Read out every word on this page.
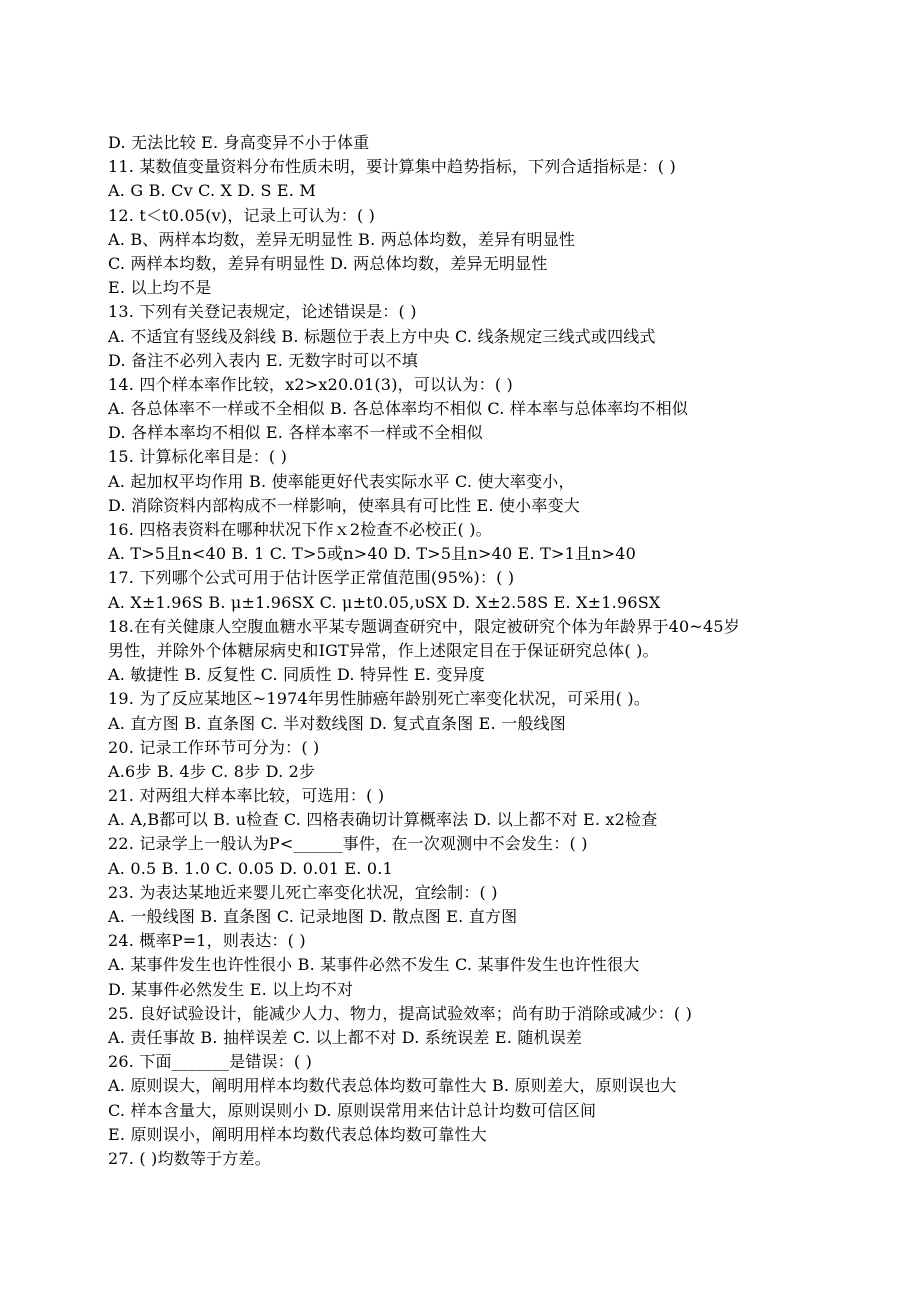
D. 无法比较 E. 身高变异不小于体重
11. 某数值变量资料分布性质未明，要计算集中趋势指标，下列合适指标是：( )
A. G B. Cv C. X D. S E. M
12. t＜t0.05(v)，记录上可认为：( )
A. B、两样本均数，差异无明显性 B. 两总体均数，差异有明显性
C. 两样本均数，差异有明显性 D. 两总体均数，差异无明显性
E. 以上均不是
13. 下列有关登记表规定，论述错误是：( )
A. 不适宜有竖线及斜线 B. 标题位于表上方中央 C. 线条规定三线式或四线式
D. 备注不必列入表内 E. 无数字时可以不填
14. 四个样本率作比较，x2>x20.01(3)，可以认为：( )
A. 各总体率不一样或不全相似 B. 各总体率均不相似 C. 样本率与总体率均不相似
D. 各样本率均不相似 E. 各样本率不一样或不全相似
15. 计算标化率目是：( )
A. 起加权平均作用 B. 使率能更好代表实际水平 C. 使大率变小，
D. 消除资料内部构成不一样影响，使率具有可比性 E. 使小率变大
16. 四格表资料在哪种状况下作ｘ2检查不必校正( )。
A. T>5且n<40 B. 1 C. T>5或n>40 D. T>5且n>40 E. T>1且n>40
17. 下列哪个公式可用于估计医学正常值范围(95%)：( )
A. X±1.96S B. μ±1.96SX C. μ±t0.05,υSX D. X±2.58S E. X±1.96SX
18.在有关健康人空腹血糖水平某专题调查研究中，限定被研究个体为年龄界于40~45岁
男性，并除外个体糖尿病史和IGT异常，作上述限定目在于保证研究总体( )。
A. 敏捷性 B. 反复性 C. 同质性 D. 特异性 E. 变异度
19. 为了反应某地区~1974年男性肺癌年龄别死亡率变化状况，可采用( )。
A. 直方图 B. 直条图 C. 半对数线图 D. 复式直条图 E. 一般线图
20. 记录工作环节可分为：( )
A.6步 B. 4步 C. 8步 D. 2步
21. 对两组大样本率比较，可选用：( )
A. A,B都可以 B. u检查 C. 四格表确切计算概率法 D. 以上都不对 E. x2检查
22. 记录学上一般认为P<______事件，在一次观测中不会发生：( )
A. 0.5 B. 1.0 C. 0.05 D. 0.01 E. 0.1
23. 为表达某地近来婴儿死亡率变化状况，宜绘制：( )
A. 一般线图 B. 直条图 C. 记录地图 D. 散点图 E. 直方图
24. 概率P=1，则表达：( )
A. 某事件发生也许性很小 B. 某事件必然不发生 C. 某事件发生也许性很大
D. 某事件必然发生 E. 以上均不对
25. 良好试验设计，能减少人力、物力，提高试验效率；尚有助于消除或减少：( )
A. 责任事故 B. 抽样误差 C. 以上都不对 D. 系统误差 E. 随机误差
26. 下面_______是错误：( )
A. 原则误大，阐明用样本均数代表总体均数可靠性大 B. 原则差大，原则误也大
C. 样本含量大，原则误则小 D. 原则误常用来估计总计均数可信区间
E. 原则误小，阐明用样本均数代表总体均数可靠性大
27. ( )均数等于方差。
